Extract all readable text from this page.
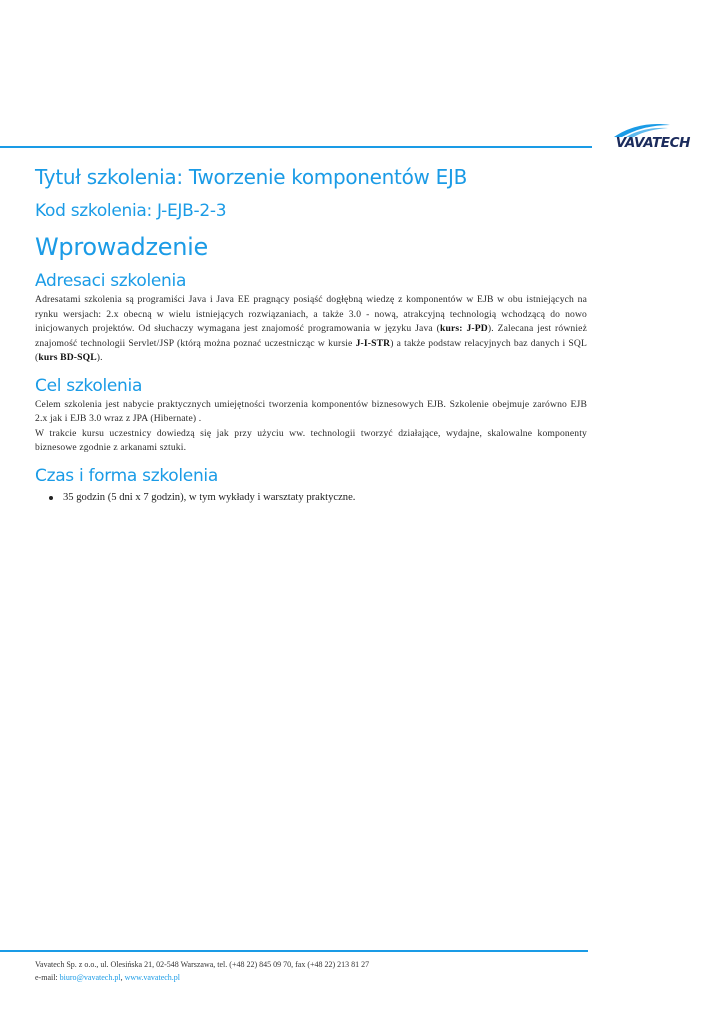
VAVATECH
Tytuł szkolenia: Tworzenie komponentów EJB
Kod szkolenia: J-EJB-2-3
Wprowadzenie
Adresaci szkolenia

Adresatami szkolenia są programiści Java i Java EE pragnący posiąść dogłębną wiedzę z komponentów w EJB w obu istniejących na rynku wersjach: 2.x obecną w wielu istniejących rozwiązaniach, a także 3.0 - nową, atrakcyjną technologią wchodzącą do nowo inicjowanych projektów. Od słuchaczy wymagana jest znajomość programowania w języku Java (kurs: J-PD). Zalecana jest również znajomość technologii Servlet/JSP (którą można poznać uczestnicząc w kursie J-I-STR) a także podstaw relacyjnych baz danych i SQL (kurs BD-SQL).

Cel szkolenia

Celem szkolenia jest nabycie praktycznych umiejętności tworzenia komponentów biznesowych EJB. Szkolenie obejmuje zarówno EJB 2.x jak i EJB 3.0 wraz z JPA (Hibernate) .

W trakcie kursu uczestnicy dowiedzą się jak przy użyciu ww. technologii tworzyć działające, wydajne, skalowalne komponenty biznesowe zgodnie z arkanami sztuki.

Czas i forma szkolenia
35 godzin (5 dni x 7 godzin), w tym wykłady i warsztaty praktyczne.
Vavatech Sp. z o.o., ul. Olesińska 21, 02-548 Warszawa, tel. (+48 22) 845 09 70, fax (+48 22) 213 81 27
e-mail: biuro@vavatech.pl, www.vavatech.pl
